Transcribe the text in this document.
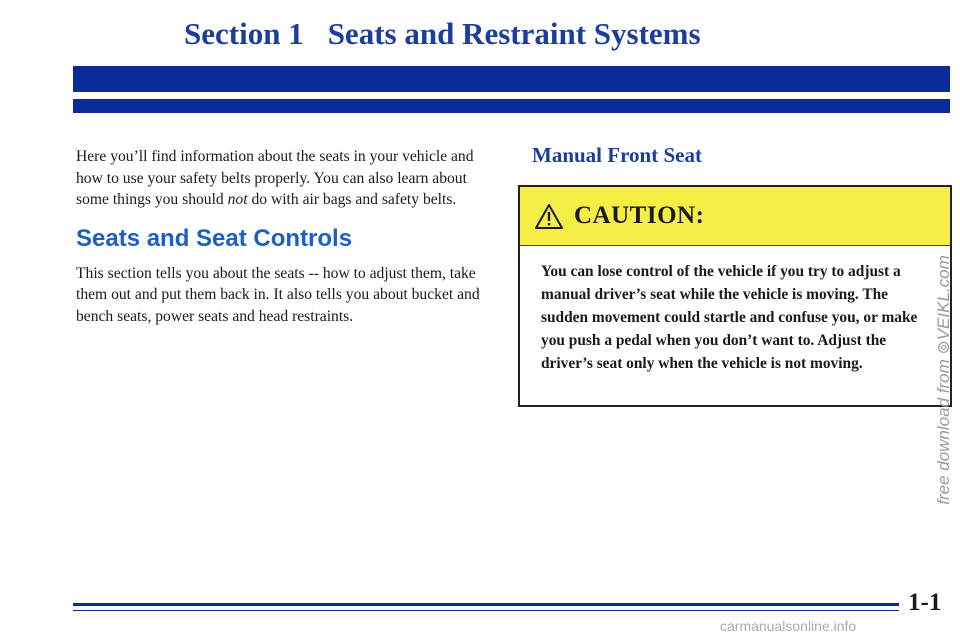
Section 1 Seats and Restraint Systems

Here you’ll find information about the seats in your vehicle and how to use your safety belts properly. You can also learn about some things you should not do with air bags and safety belts.

Seats and Seat Controls

This section tells you about the seats -- how to adjust them, take them out and put them back in. It also tells you about bucket and bench seats, power seats and head restraints.

Manual Front Seat
CAUTION:

You can lose control of the vehicle if you try to adjust a manual driver’s seat while the vehicle is moving. The sudden movement could startle and confuse you, or make you push a pedal when you don’t want to. Adjust the driver’s seat only when the vehicle is not moving.	free download from ⊚VEIKL.com
1-1
carmanualsonline.info
